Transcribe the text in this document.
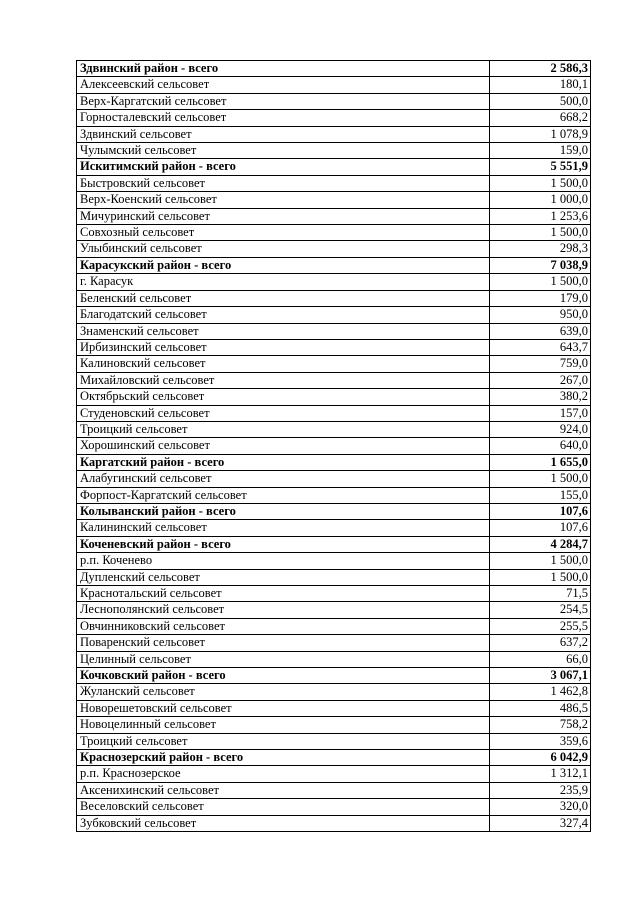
Здвинский район - всего	2 586,3
Алексеевский сельсовет	180,1
Верх-Каргатский сельсовет	500,0
Горносталевский сельсовет	668,2
Здвинский сельсовет	1 078,9
Чулымский сельсовет	159,0
Искитимский район - всего	5 551,9
Быстровский сельсовет	1 500,0
Верх-Коенский сельсовет	1 000,0
Мичуринский сельсовет	1 253,6
Совхозный сельсовет	1 500,0
Улыбинский сельсовет	298,3
Карасукский район - всего	7 038,9
г. Карасук	1 500,0
Беленский сельсовет	179,0
Благодатский сельсовет	950,0
Знаменский сельсовет	639,0
Ирбизинский сельсовет	643,7
Калиновский сельсовет	759,0
Михайловский сельсовет	267,0
Октябрьский сельсовет	380,2
Студеновский сельсовет	157,0
Троицкий сельсовет	924,0
Хорошинский сельсовет	640,0
Каргатский район - всего	1 655,0
Алабугинский сельсовет	1 500,0
Форпост-Каргатский сельсовет	155,0
Колыванский район - всего	107,6
Калининский сельсовет	107,6
Коченевский район - всего	4 284,7
р.п. Коченево	1 500,0
Дупленский сельсовет	1 500,0
Краснотальский сельсовет	71,5
Леснополянский сельсовет	254,5
Овчинниковский сельсовет	255,5
Поваренский сельсовет	637,2
Целинный сельсовет	66,0
Кочковский район - всего	3 067,1
Жуланский сельсовет	1 462,8
Новорешетовский сельсовет	486,5
Новоцелинный сельсовет	758,2
Троицкий сельсовет	359,6
Краснозерский район - всего	6 042,9
р.п. Краснозерское	1 312,1
Аксенихинский сельсовет	235,9
Веселовский сельсовет	320,0
Зубковский сельсовет	327,4
